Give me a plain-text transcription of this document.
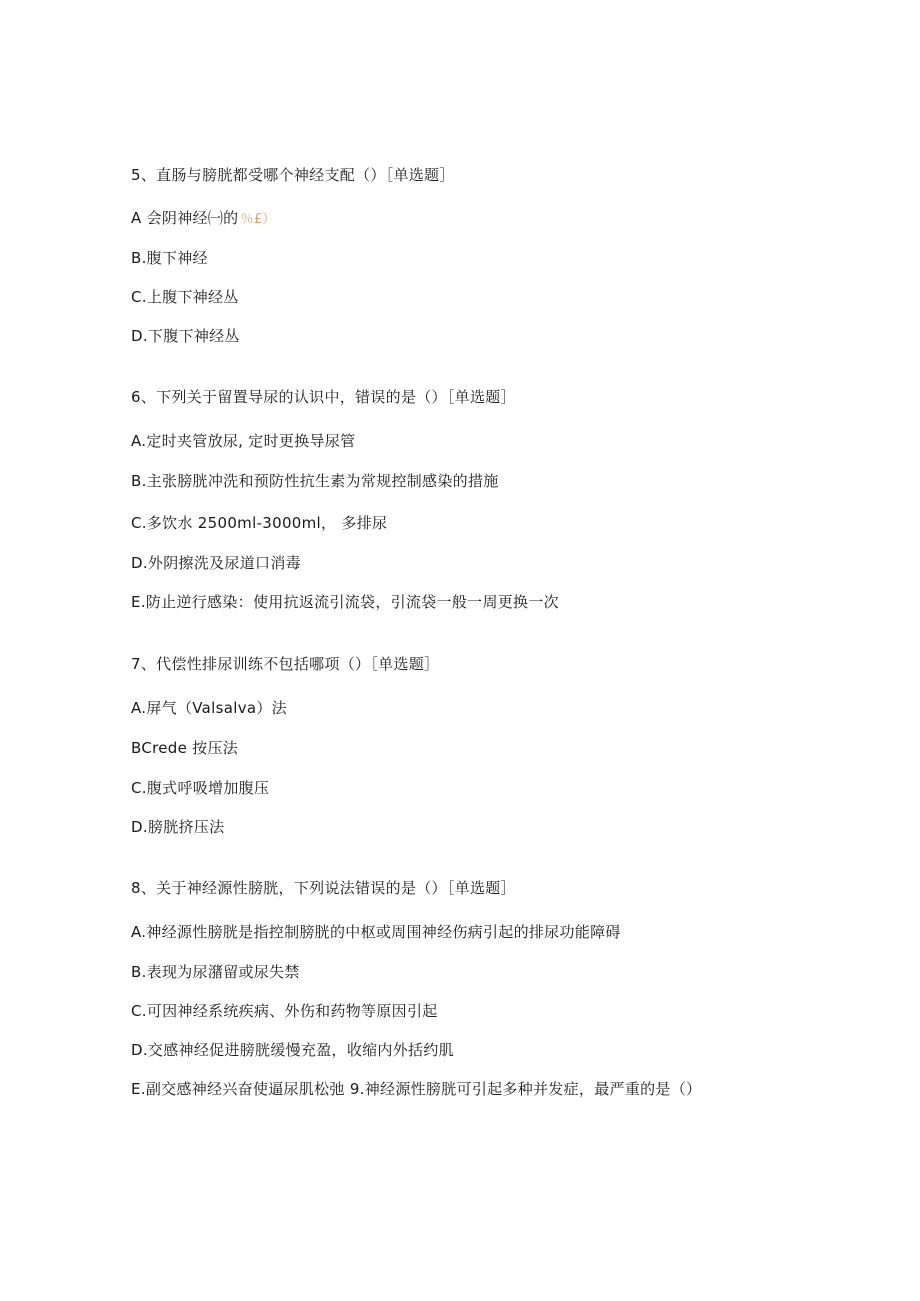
5、直肠与膀胱都受哪个神经支配（）［单选题］
A 会阴神经㈠的 ％£）
B.腹下神经
C.上腹下神经丛
D.下腹下神经丛
6、下列关于留置导尿的认识中，错误的是（）［单选题］
A.定时夹管放尿, 定时更换导尿管
B.主张膀胱冲洗和预防性抗生素为常规控制感染的措施
C.多饮水 2500ml-3000ml， 多排尿
D.外阴擦洗及尿道口消毒
E.防止逆行感染：使用抗返流引流袋，引流袋一般一周更换一次
7、代偿性排尿训练不包括哪项（）［单选题］
A.屏气（Valsalva）法
BCrede 按压法
C.腹式呼吸增加腹压
D.膀胱挤压法
8、关于神经源性膀胱，下列说法错误的是（）［单选题］
A.神经源性膀胱是指控制膀胱的中枢或周围神经伤病引起的排尿功能障碍
B.表现为尿潴留或尿失禁
C.可因神经系统疾病、外伤和药物等原因引起
D.交感神经促进膀胱缓慢充盈，收缩内外括约肌
E.副交感神经兴奋使逼尿肌松弛 9.神经源性膀胱可引起多种并发症，最严重的是（）
